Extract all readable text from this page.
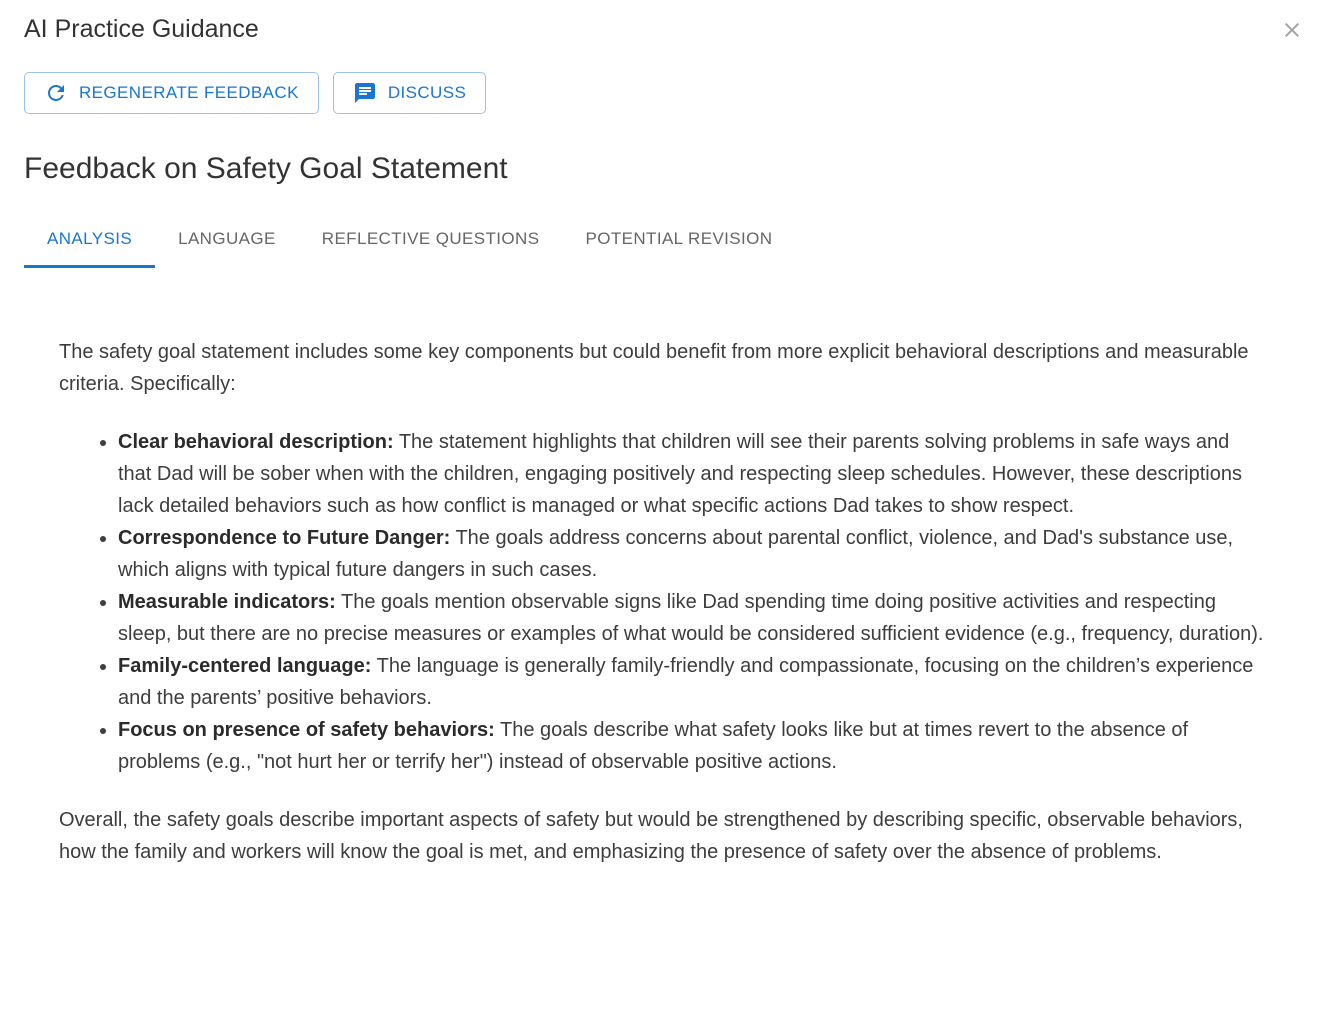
AI Practice Guidance
REGENERATE FEEDBACK	DISCUSS
Feedback on Safety Goal Statement
ANALYSIS	LANGUAGE	REFLECTIVE QUESTIONS	POTENTIAL REVISION

The safety goal statement includes some key components but could benefit from more explicit behavioral descriptions and measurable criteria. Specifically:

• Clear behavioral description: The statement highlights that children will see their parents solving problems in safe ways and that Dad will be sober when with the children, engaging positively and respecting sleep schedules. However, these descriptions lack detailed behaviors such as how conflict is managed or what specific actions Dad takes to show respect.
• Correspondence to Future Danger: The goals address concerns about parental conflict, violence, and Dad's substance use, which aligns with typical future dangers in such cases.
• Measurable indicators: The goals mention observable signs like Dad spending time doing positive activities and respecting sleep, but there are no precise measures or examples of what would be considered sufficient evidence (e.g., frequency, duration).
• Family-centered language: The language is generally family-friendly and compassionate, focusing on the children’s experience and the parents’ positive behaviors.
• Focus on presence of safety behaviors: The goals describe what safety looks like but at times revert to the absence of problems (e.g., "not hurt her or terrify her") instead of observable positive actions.

Overall, the safety goals describe important aspects of safety but would be strengthened by describing specific, observable behaviors, how the family and workers will know the goal is met, and emphasizing the presence of safety over the absence of problems.
